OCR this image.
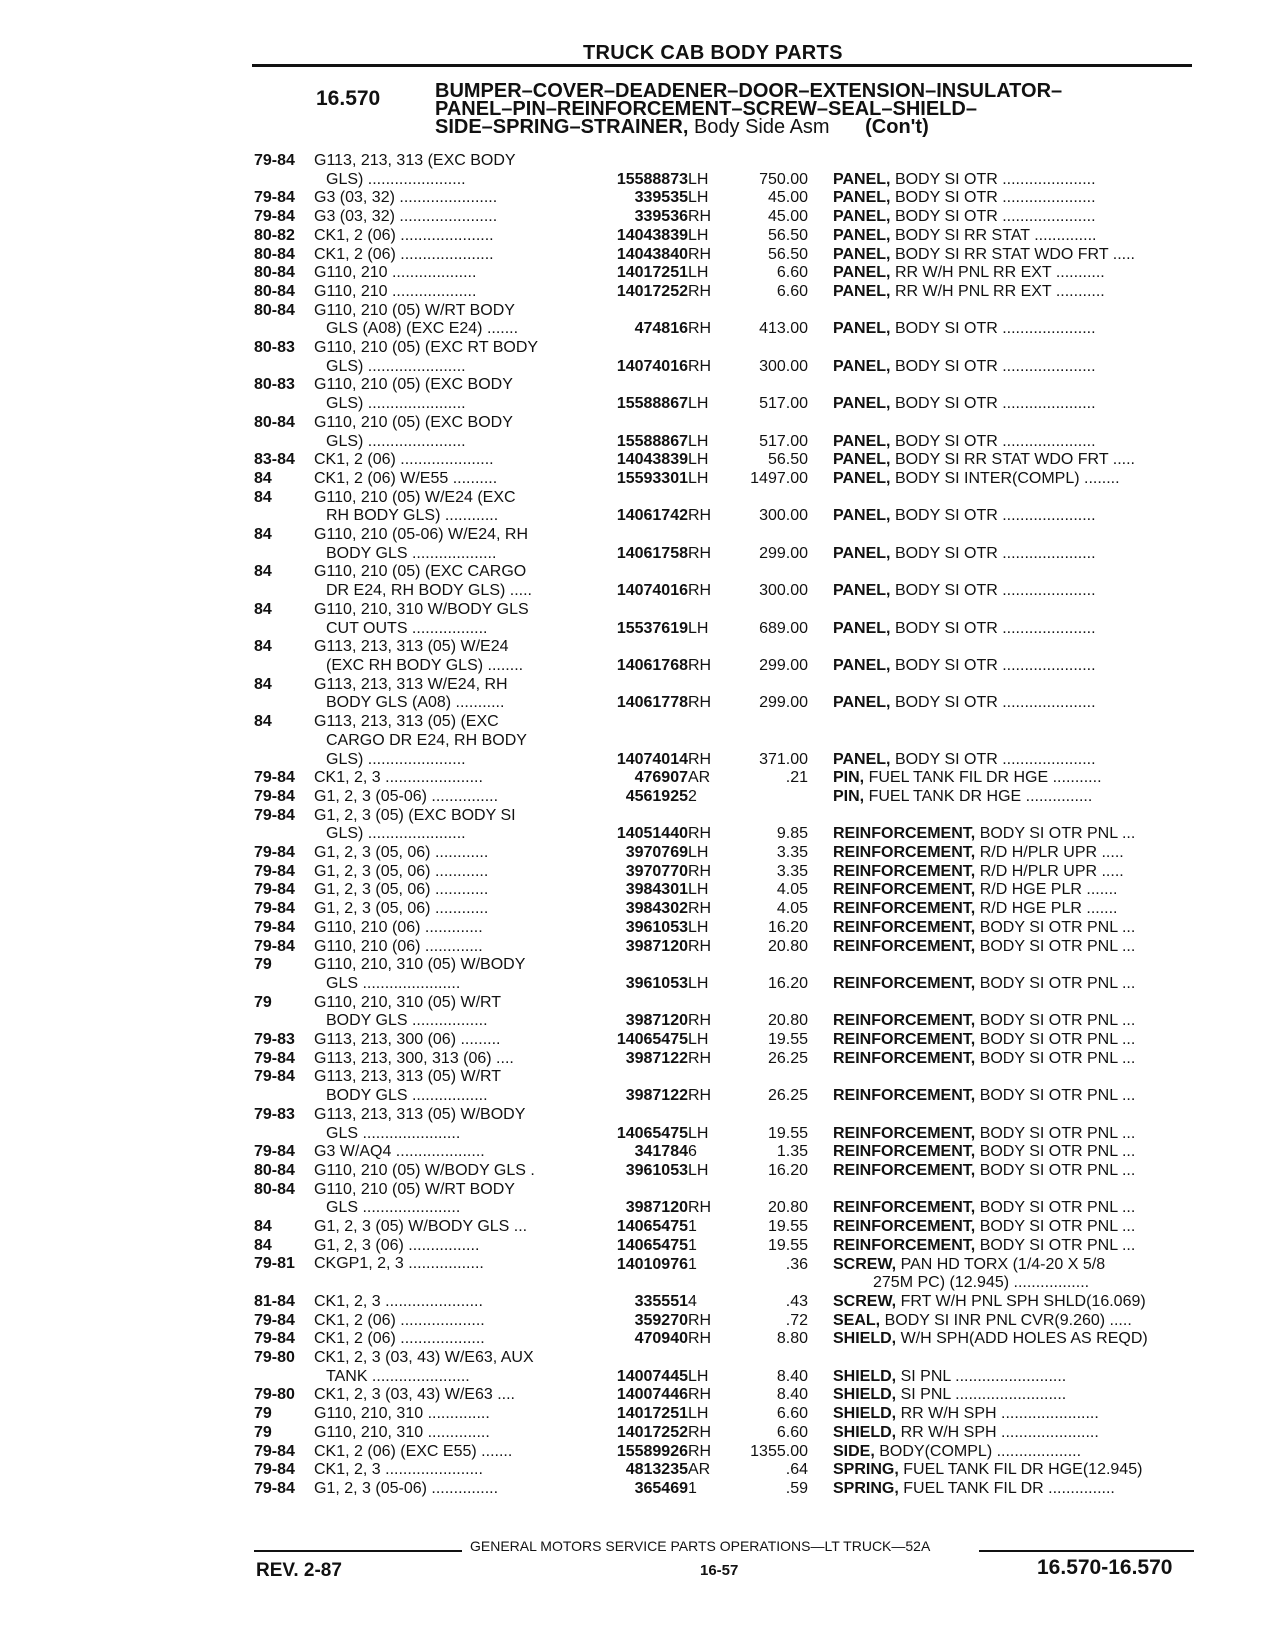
TRUCK CAB BODY PARTS
16.570	BUMPER–COVER–DEADENER–DOOR–EXTENSION–INSULATOR–
PANEL–PIN–REINFORCEMENT–SCREW–SEAL–SHIELD–
SIDE–SPRING–STRAINER, Body Side Asm (Con't)
79-84	G113, 213, 313 (EXC BODY
GLS) ......................	15588873 LH	750.00 PANEL, BODY SI OTR .....................
79-84	G3 (03, 32) ......................	339535 LH	45.00 PANEL, BODY SI OTR .....................
79-84	G3 (03, 32) ......................	339536 RH	45.00 PANEL, BODY SI OTR .....................
80-82	CK1, 2 (06) .....................	14043839 LH	56.50 PANEL, BODY SI RR STAT ..............
80-84	CK1, 2 (06) .....................	14043840 RH	56.50 PANEL, BODY SI RR STAT WDO FRT .....
80-84	G110, 210 ...................	14017251 LH	6.60 PANEL, RR W/H PNL RR EXT ...........
80-84	G110, 210 ...................	14017252 RH	6.60 PANEL, RR W/H PNL RR EXT ...........
80-84	G110, 210 (05) W/RT BODY
GLS (A08) (EXC E24) .......	474816 RH	413.00 PANEL, BODY SI OTR .....................
80-83	G110, 210 (05) (EXC RT BODY
GLS) ......................	14074016 RH	300.00 PANEL, BODY SI OTR .....................
80-83	G110, 210 (05) (EXC BODY
GLS) ......................	15588867 LH	517.00 PANEL, BODY SI OTR .....................
80-84	G110, 210 (05) (EXC BODY
GLS) ......................	15588867 LH	517.00 PANEL, BODY SI OTR .....................
83-84	CK1, 2 (06) .....................	14043839 LH	56.50 PANEL, BODY SI RR STAT WDO FRT .....
84	CK1, 2 (06) W/E55 ..........	15593301 LH	1497.00 PANEL, BODY SI INTER(COMPL) ........
84	G110, 210 (05) W/E24 (EXC
RH BODY GLS) ............	14061742 RH	300.00 PANEL, BODY SI OTR .....................
84	G110, 210 (05-06) W/E24, RH
BODY GLS ...................	14061758 RH	299.00 PANEL, BODY SI OTR .....................
84	G110, 210 (05) (EXC CARGO
DR E24, RH BODY GLS) .....	14074016 RH	300.00 PANEL, BODY SI OTR .....................
84	G110, 210, 310 W/BODY GLS
CUT OUTS .................	15537619 LH	689.00 PANEL, BODY SI OTR .....................
84	G113, 213, 313 (05) W/E24
(EXC RH BODY GLS) ........	14061768 RH	299.00 PANEL, BODY SI OTR .....................
84	G113, 213, 313 W/E24, RH
BODY GLS (A08) ...........	14061778 RH	299.00 PANEL, BODY SI OTR .....................
84	G113, 213, 313 (05) (EXC
CARGO DR E24, RH BODY
GLS) ......................	14074014 RH	371.00 PANEL, BODY SI OTR .....................
79-84	CK1, 2, 3 ......................	476907 AR	.21 PIN, FUEL TANK FIL DR HGE ...........
79-84	G1, 2, 3 (05-06) ...............	4561925 2	PIN, FUEL TANK DR HGE ...............
79-84	G1, 2, 3 (05) (EXC BODY SI
GLS) ......................	14051440 RH	9.85 REINFORCEMENT, BODY SI OTR PNL ...
79-84	G1, 2, 3 (05, 06) ............	3970769 LH	3.35 REINFORCEMENT, R/D H/PLR UPR .....
79-84	G1, 2, 3 (05, 06) ............	3970770 RH	3.35 REINFORCEMENT, R/D H/PLR UPR .....
79-84	G1, 2, 3 (05, 06) ............	3984301 LH	4.05 REINFORCEMENT, R/D HGE PLR .......
79-84	G1, 2, 3 (05, 06) ............	3984302 RH	4.05 REINFORCEMENT, R/D HGE PLR .......
79-84	G110, 210 (06) .............	3961053 LH	16.20 REINFORCEMENT, BODY SI OTR PNL ...
79-84	G110, 210 (06) .............	3987120 RH	20.80 REINFORCEMENT, BODY SI OTR PNL ...
79	G110, 210, 310 (05) W/BODY
GLS ......................	3961053 LH	16.20 REINFORCEMENT, BODY SI OTR PNL ...
79	G110, 210, 310 (05) W/RT
BODY GLS .................	3987120 RH	20.80 REINFORCEMENT, BODY SI OTR PNL ...
79-83	G113, 213, 300 (06) .........	14065475 LH	19.55 REINFORCEMENT, BODY SI OTR PNL ...
79-84	G113, 213, 300, 313 (06) ....	3987122 RH	26.25 REINFORCEMENT, BODY SI OTR PNL ...
79-84	G113, 213, 313 (05) W/RT
BODY GLS .................	3987122 RH	26.25 REINFORCEMENT, BODY SI OTR PNL ...
79-83	G113, 213, 313 (05) W/BODY
GLS ......................	14065475 LH	19.55 REINFORCEMENT, BODY SI OTR PNL ...
79-84	G3 W/AQ4 ....................	341784 6	1.35 REINFORCEMENT, BODY SI OTR PNL ...
80-84	G110, 210 (05) W/BODY GLS .	3961053 LH	16.20 REINFORCEMENT, BODY SI OTR PNL ...
80-84	G110, 210 (05) W/RT BODY
GLS ......................	3987120 RH	20.80 REINFORCEMENT, BODY SI OTR PNL ...
84	G1, 2, 3 (05) W/BODY GLS ...	14065475 1	19.55 REINFORCEMENT, BODY SI OTR PNL ...
84	G1, 2, 3 (06) ................	14065475 1	19.55 REINFORCEMENT, BODY SI OTR PNL ...
79-81	CKGP1, 2, 3 .................
	14010976 1	.36 SCREW, PAN HD TORX (1/4-20 X 5/8
275M PC) (12.945) .................
81-84	CK1, 2, 3 ......................	335551 4	.43 SCREW, FRT W/H PNL SPH SHLD(16.069)
79-84	CK1, 2 (06) ...................	359270 RH	.72 SEAL, BODY SI INR PNL CVR(9.260) .....
79-84	CK1, 2 (06) ...................	470940 RH	8.80 SHIELD, W/H SPH(ADD HOLES AS REQD)
79-80	CK1, 2, 3 (03, 43) W/E63, AUX
TANK ......................	14007445 LH	8.40 SHIELD, SI PNL .........................
79-80	CK1, 2, 3 (03, 43) W/E63 ....	14007446 RH	8.40 SHIELD, SI PNL .........................
79	G110, 210, 310 ..............	14017251 LH	6.60 SHIELD, RR W/H SPH ......................
79	G110, 210, 310 ..............	14017252 RH	6.60 SHIELD, RR W/H SPH ......................
79-84	CK1, 2 (06) (EXC E55) .......	15589926 RH	1355.00 SIDE, BODY(COMPL) ...................
79-84	CK1, 2, 3 ......................	4813235 AR	.64 SPRING, FUEL TANK FIL DR HGE(12.945)
79-84	G1, 2, 3 (05-06) ...............	365469 1	.59 SPRING, FUEL TANK FIL DR ...............
GENERAL MOTORS SERVICE PARTS OPERATIONS—LT TRUCK—52A
REV. 2-87	16-57	16.570-16.570
